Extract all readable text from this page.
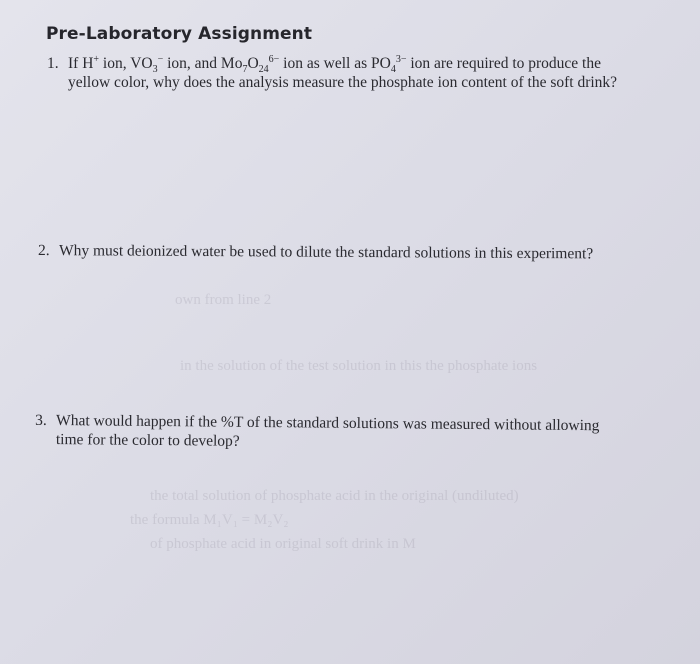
own from line 2
in the solution of the test solution in this the phosphate ions
the total solution of phosphate acid in the original (undiluted)
the formula M₁V₁ = M₂V₂
of phosphate acid in original soft drink in M
Pre-Laboratory Assignment
1. If H+ ion, $VO_3^-$ ion, and $Mo_7O_{24}^{6-}$ ion as well as $PO_4^{3-}$ ion are required to produce the
yellow color, why does the analysis measure the phosphate ion content of the soft drink?
2. Why must deionized water be used to dilute the standard solutions in this experiment?
3. What would happen if the %T of the standard solutions was measured without allowing
time for the color to develop?
